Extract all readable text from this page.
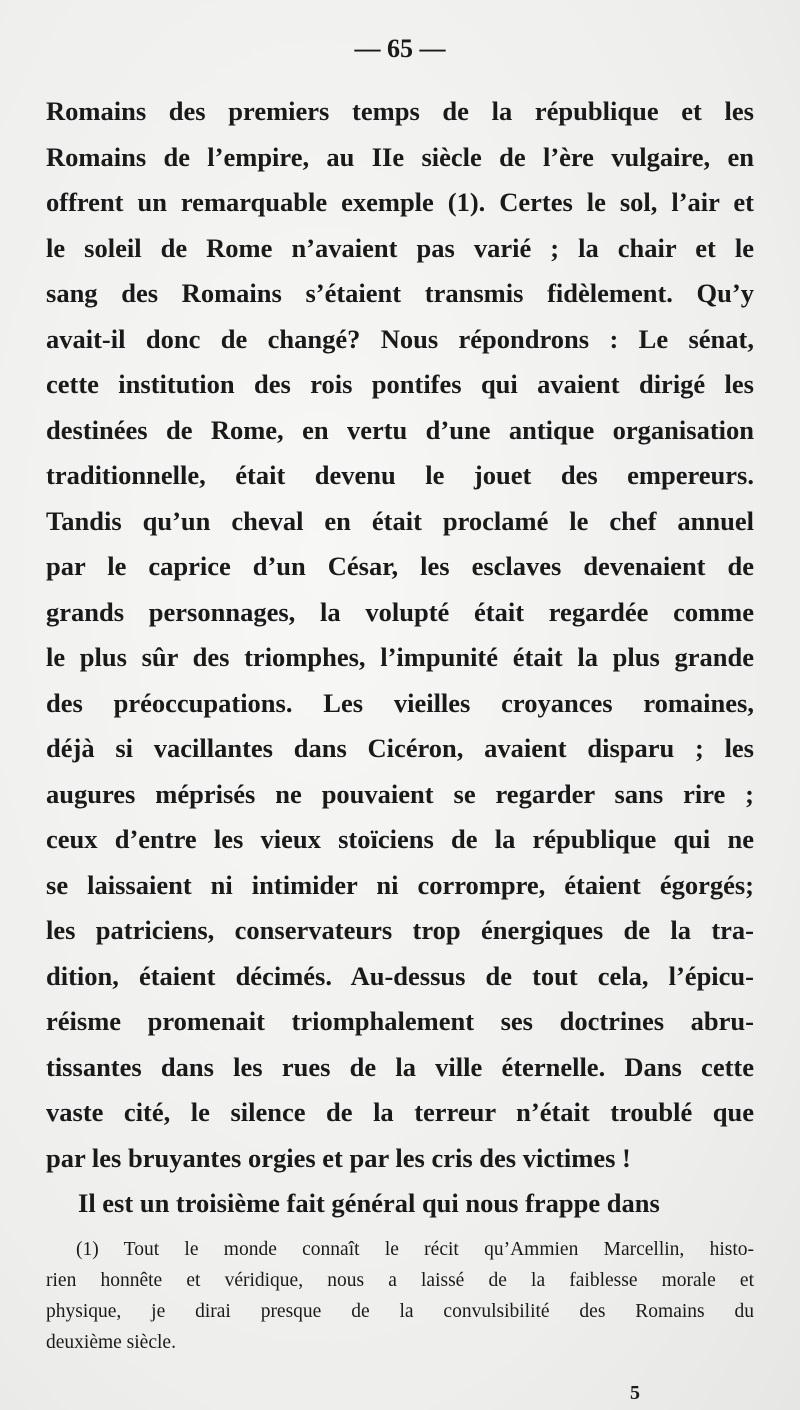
— 65 —
Romains des premiers temps de la république et les
Romains de l’empire, au IIe siècle de l’ère vulgaire, en
offrent un remarquable exemple (1). Certes le sol, l’air et
le soleil de Rome n’avaient pas varié ; la chair et le
sang des Romains s’étaient transmis fidèlement. Qu’y
avait-il donc de changé? Nous répondrons : Le sénat,
cette institution des rois pontifes qui avaient dirigé les
destinées de Rome, en vertu d’une antique organisation
traditionnelle, était devenu le jouet des empereurs.
Tandis qu’un cheval en était proclamé le chef annuel
par le caprice d’un César, les esclaves devenaient de
grands personnages, la volupté était regardée comme
le plus sûr des triomphes, l’impunité était la plus grande
des préoccupations. Les vieilles croyances romaines,
déjà si vacillantes dans Cicéron, avaient disparu ; les
augures méprisés ne pouvaient se regarder sans rire ;
ceux d’entre les vieux stoïciens de la république qui ne
se laissaient ni intimider ni corrompre, étaient égorgés;
les patriciens, conservateurs trop énergiques de la tra-
dition, étaient décimés. Au-dessus de tout cela, l’épicu-
réisme promenait triomphalement ses doctrines abru-
tissantes dans les rues de la ville éternelle. Dans cette
vaste cité, le silence de la terreur n’était troublé que
par les bruyantes orgies et par les cris des victimes !
Il est un troisième fait général qui nous frappe dans
(1) Tout le monde connaît le récit qu’Ammien Marcellin, histo-
rien honnête et véridique, nous a laissé de la faiblesse morale et
physique, je dirai presque de la convulsibilité des Romains du
deuxième siècle.
5
